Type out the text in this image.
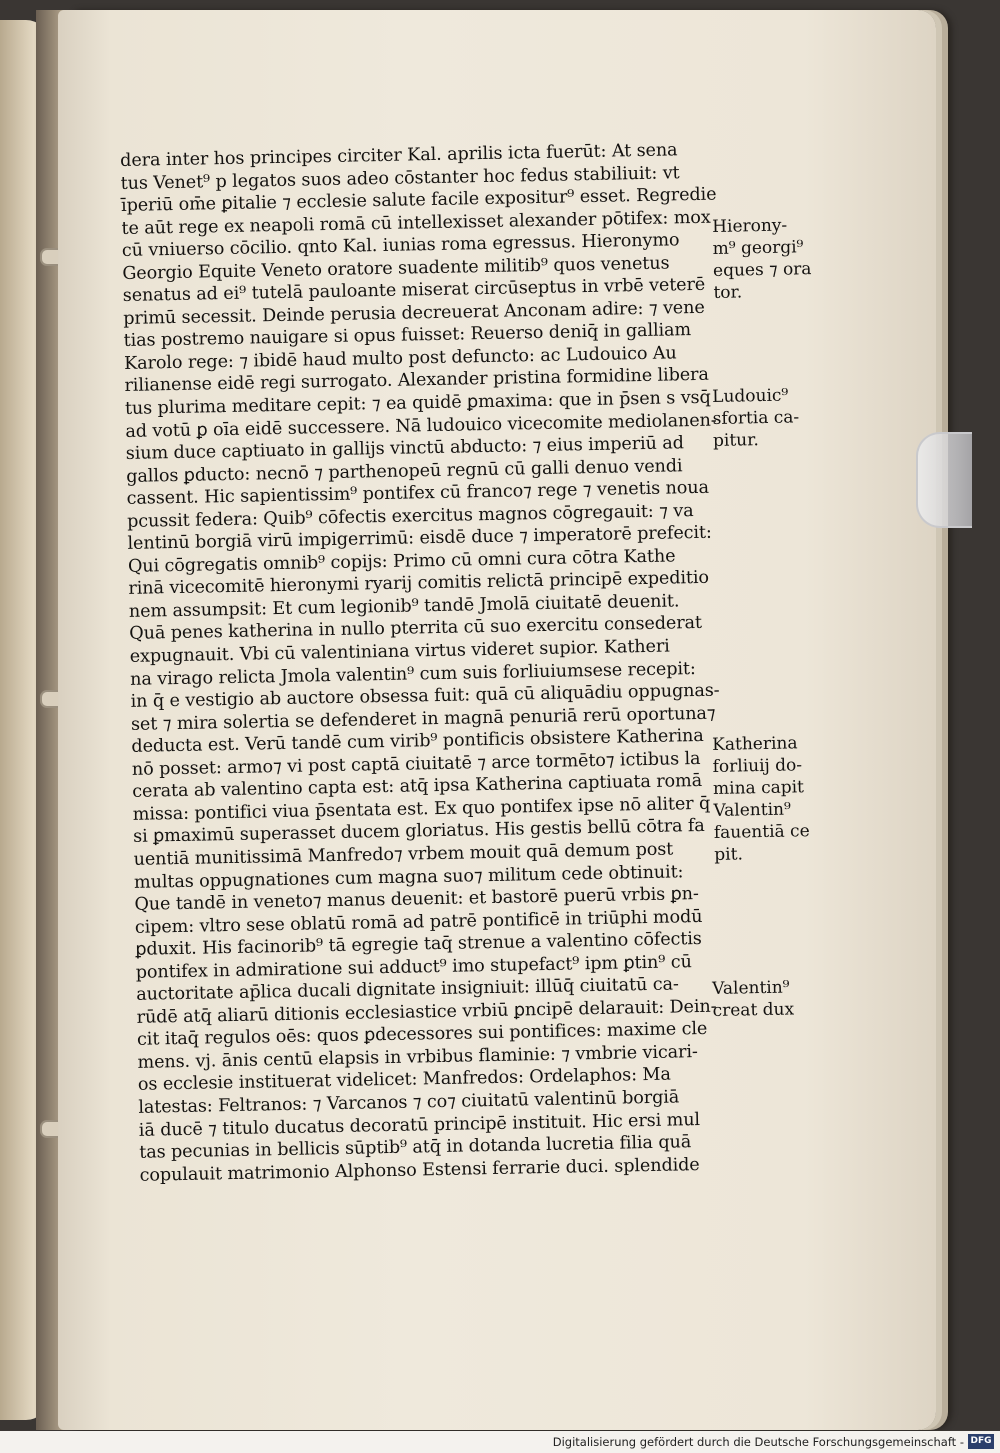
dera inter hos principes circiter Kal. aprilis icta fuerūt: At sena
tus Venet⁹ p legatos suos adeo cōstanter hoc fedus stabiliuit: vt
īperiū om̄e ꝑitalie ⁊ ecclesie salute facile expositur⁹ esset. Regredie
te aūt rege ex neapoli romā cū intellexisset alexander pōtifex: mox
cū vniuerso cōcilio. qnto Kal. iunias roma egressus. Hieronymo
Georgio Equite Veneto oratore suadente militib⁹ quos venetus
senatus ad ei⁹ tutelā pauloante miserat circūseptus in vrbē veterē
primū secessit. Deinde perusia decreuerat Anconam adire: ⁊ vene
tias postremo nauigare si opus fuisset: Reuerso deniq̄ in galliam
Karolo rege: ⁊ ibidē haud multo post defuncto: ac Ludouico Au
rilianense eidē regi surrogato. Alexander pristina formidine libera
tus plurima meditare cepit: ⁊ ea quidē ꝑmaxima: que in p̄sen s vsq̄
ad votū ꝑ oīa eidē successere. Nā ludouico vicecomite mediolanen-
sium duce captiuato in gallijs vinctū abducto: ⁊ eius imperiū ad
gallos ꝑducto: necnō ⁊ parthenopeū regnū cū galli denuo vendi
cassent. Hic sapientissim⁹ pontifex cū franco⁊ rege ⁊ venetis noua
pcussit federa: Quib⁹ cōfectis exercitus magnos cōgregauit: ⁊ va
lentinū borgiā virū impigerrimū: eisdē duce ⁊ imperatorē prefecit:
Qui cōgregatis omnib⁹ copijs: Primo cū omni cura cōtra Kathe
rinā vicecomitē hieronymi ryarij comitis relictā principē expeditio
nem assumpsit: Et cum legionib⁹ tandē Jmolā ciuitatē deuenit.
Quā penes katherina in nullo pterrita cū suo exercitu consederat
expugnauit. Vbi cū valentiniana virtus videret supior. Katheri
na virago relicta Jmola valentin⁹ cum suis forliuiumsese recepit:
in q̄ e vestigio ab auctore obsessa fuit: quā cū aliquādiu oppugnas-
set ⁊ mira solertia se defenderet in magnā penuriā rerū oportuna⁊
deducta est. Verū tandē cum virib⁹ pontificis obsistere Katherina
nō posset: armo⁊ vi post captā ciuitatē ⁊ arce tormēto⁊ ictibus la
cerata ab valentino capta est: atq̄ ipsa Katherina captiuata romā
missa: pontifici viua p̄sentata est. Ex quo pontifex ipse nō aliter q̄
si ꝑmaximū superasset ducem gloriatus. His gestis bellū cōtra fa
uentiā munitissimā Manfredo⁊ vrbem mouit quā demum post
multas oppugnationes cum magna suo⁊ militum cede obtinuit:
Que tandē in veneto⁊ manus deuenit: et bastorē puerū vrbis ꝑn-
cipem: vltro sese oblatū romā ad patrē pontificē in triūphi modū
ꝑduxit. His facinorib⁹ tā egregie taq̄ strenue a valentino cōfectis
pontifex in admiratione sui adduct⁹ imo stupefact⁹ ipm ꝑtin⁹ cū
auctoritate ap̄lica ducali dignitate insigniuit: illūq̄ ciuitatū ca-
rūdē atq̄ aliarū ditionis ecclesiastice vrbiū ꝑncipē delarauit: Dein-
cit itaq̄ regulos oēs: quos ꝑdecessores sui pontifices: maxime cle
mens. vj. ānis centū elapsis in vrbibus flaminie: ⁊ vmbrie vicari-
os ecclesie instituerat videlicet: Manfredos: Ordelaphos: Ma
latestas: Feltranos: ⁊ Varcanos ⁊ co⁊ ciuitatū valentinū borgiā
iā ducē ⁊ titulo ducatus decoratū principē instituit. Hic ersi mul
tas pecunias in bellicis sūptib⁹ atq̄ in dotanda lucretia filia quā
copulauit matrimonio Alphonso Estensi ferrarie duci. splendide
Hierony-
m⁹ georgi⁹
eques ⁊ ora
tor.
Ludouic⁹
sfortia ca-
pitur.
Katherina
forliuij do-
mina capit
Valentin⁹
fauentiā ce
pit.
Valentin⁹
creat dux
Digitalisierung gefördert durch die Deutsche Forschungsgemeinschaft - DFG
